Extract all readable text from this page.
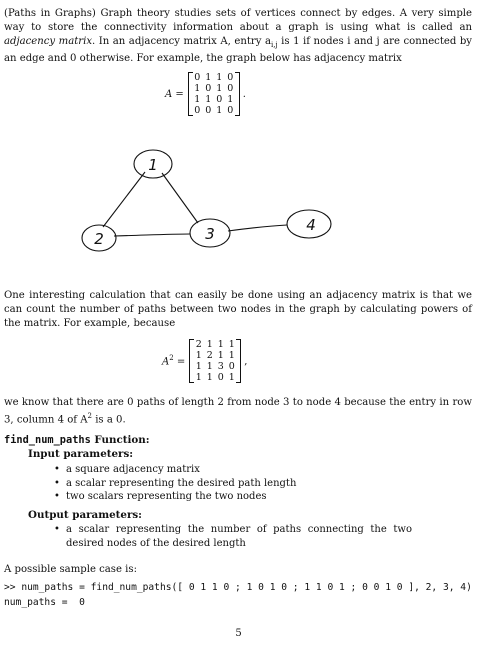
(Paths in Graphs) Graph theory studies sets of vertices connect by edges. A very simple way to store the connectivity information about a graph is using what is called an adjacency matrix. In an adjacency matrix A, entry $a_{i,j}$ is 1 if nodes i and j are connected by an edge and 0 otherwise. For example, the graph below has adjacency matrix

A =
0 1 1 0
1 0 1 0
1 1 0 1
0 0 1 0
.
1
2	3	4

One interesting calculation that can easily be done using an adjacency matrix is that we can count the number of paths between two nodes in the graph by calculating powers of the matrix. For example, because

$A^2$ =
2 1 1 1
1 2 1 1
1 1 3 0
1 1 0 1
,

we know that there are 0 paths of length 2 from node 3 to node 4 because the entry in row 3, column 4 of $A^2$ is a 0.

find_num_paths Function:
Input parameters:
• a square adjacency matrix
• a scalar representing the desired path length
• two scalars representing the two nodes
Output parameters:
• a scalar representing the number of paths connecting the two desired nodes of the desired length
A possible sample case is:
>> num_paths = find_num_paths([ 0 1 1 0 ; 1 0 1 0 ; 1 1 0 1 ; 0 0 1 0 ], 2, 3, 4)
num_paths =  0
5
